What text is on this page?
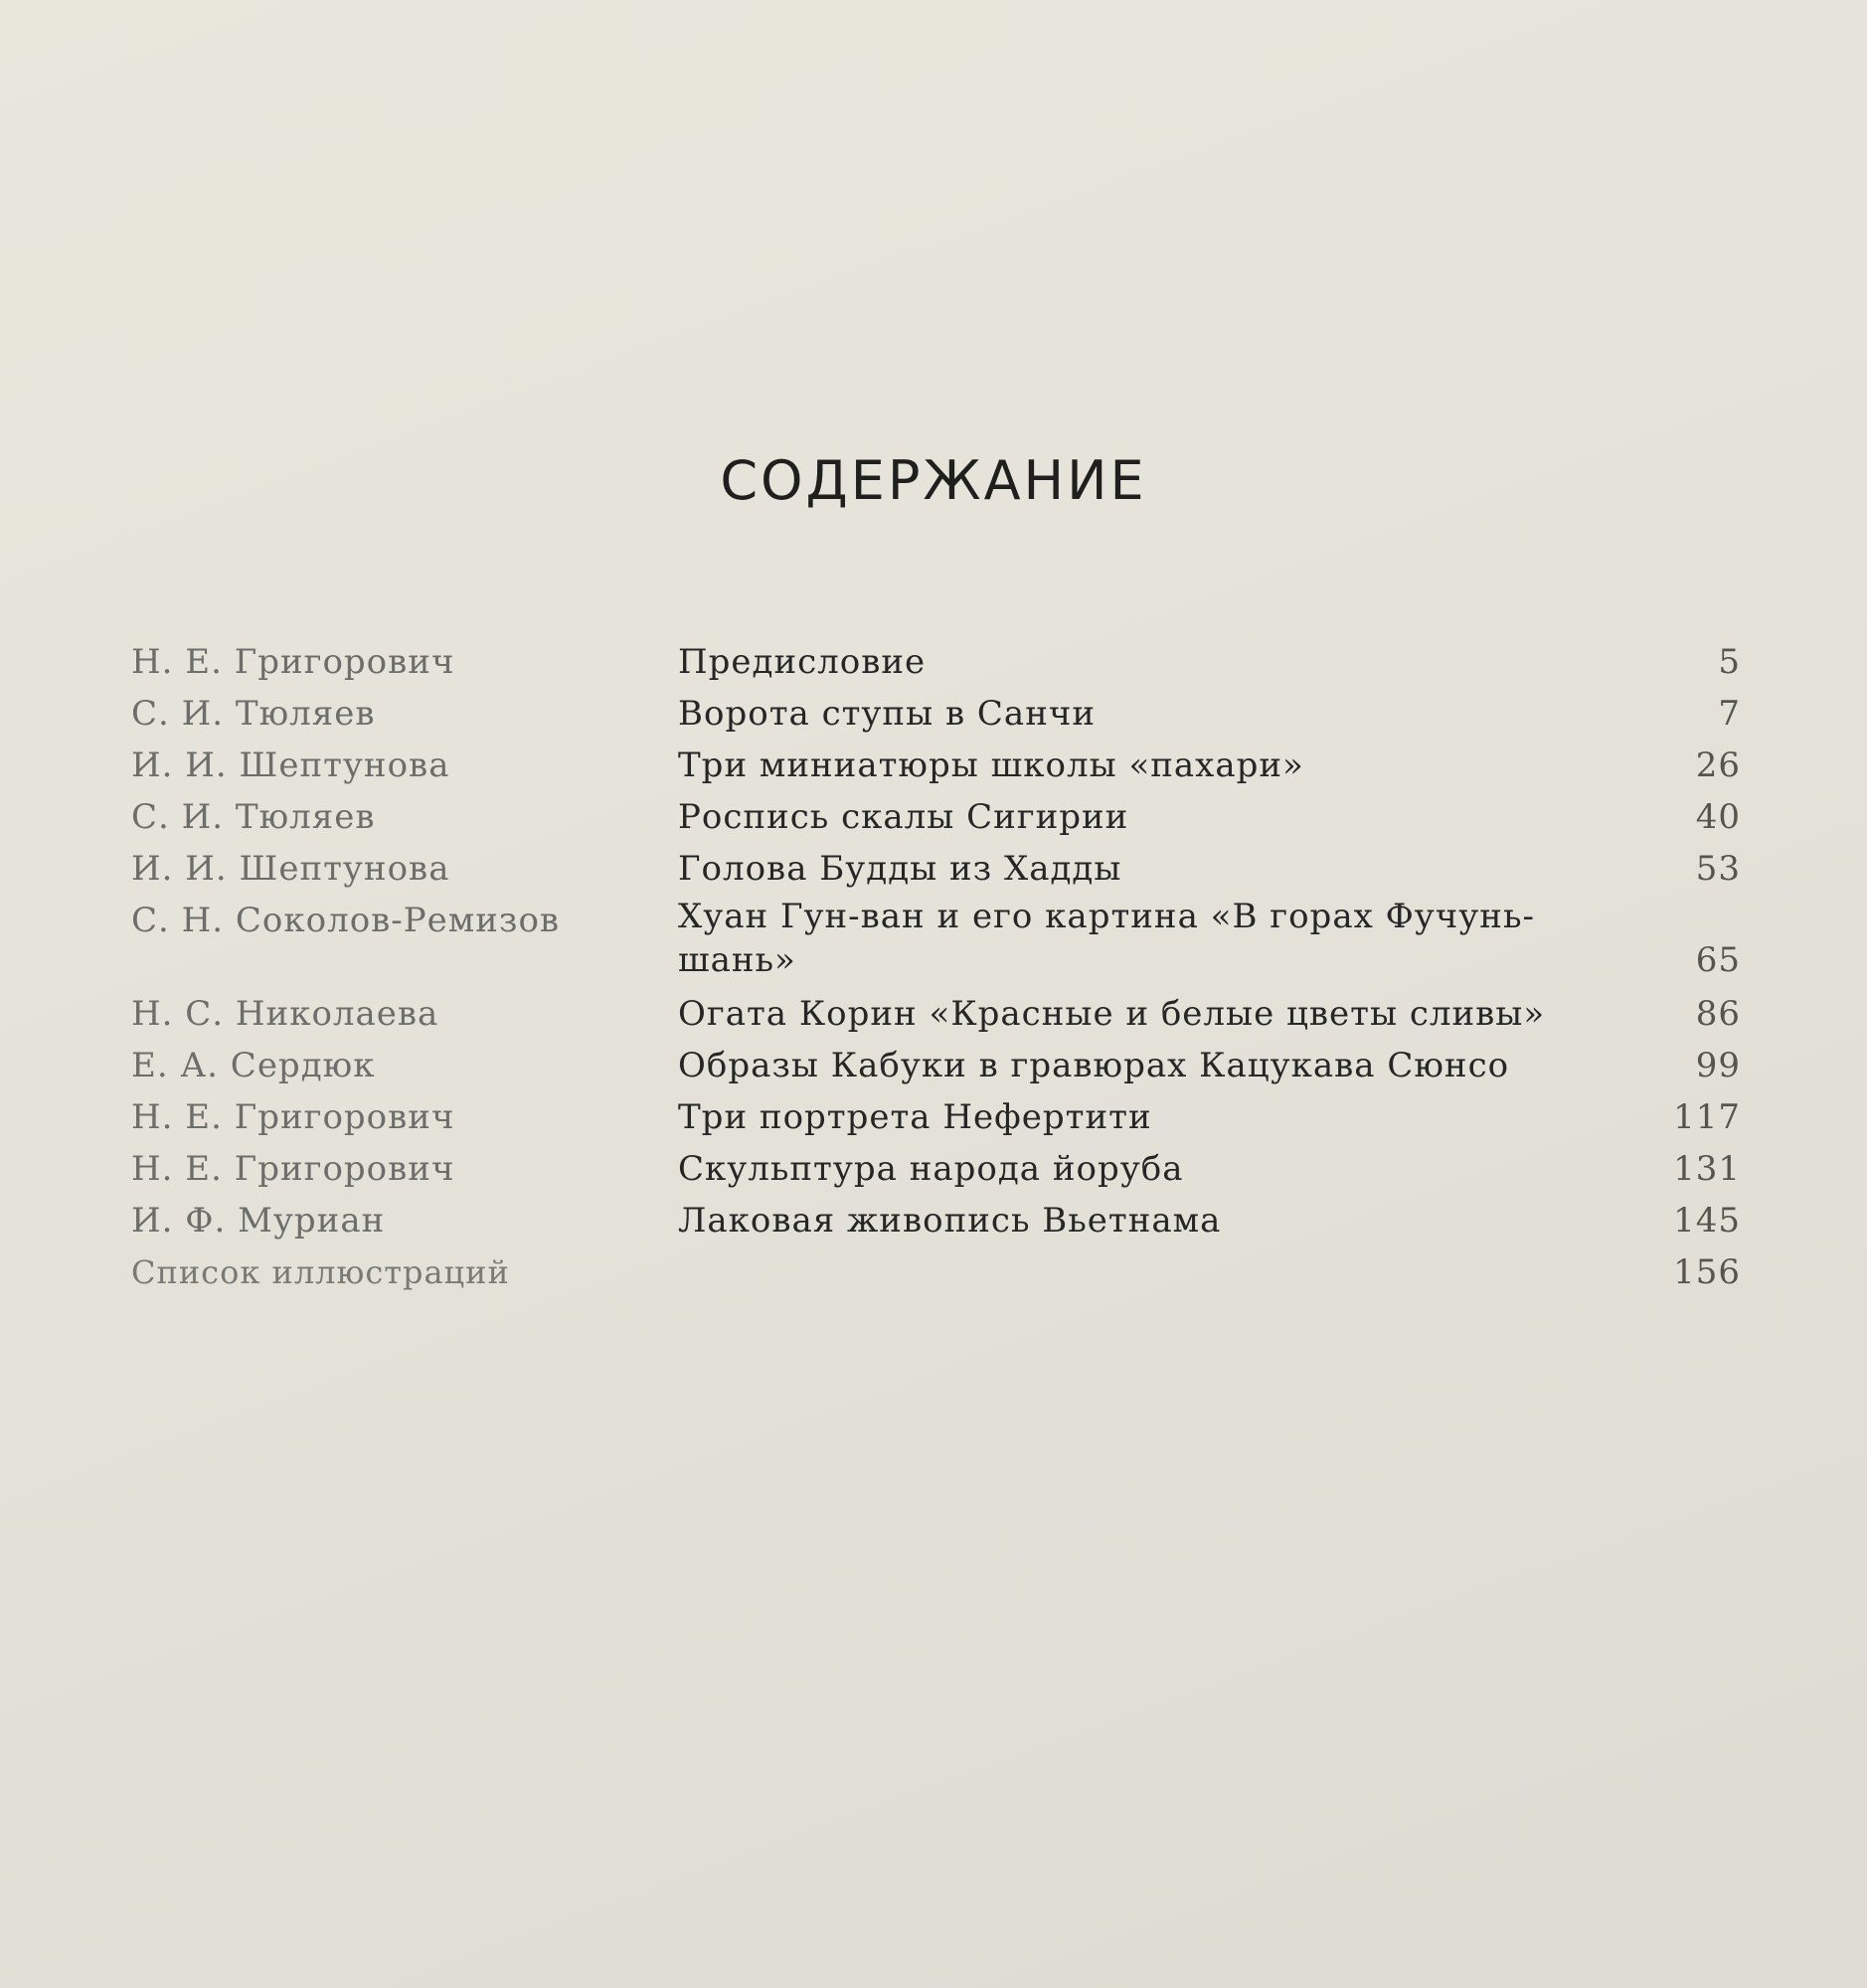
СОДЕРЖАНИЕ
Н. Е. Григорович	Предисловие	5
С. И. Тюляев	Ворота ступы в Санчи	7
И. И. Шептунова	Три миниатюры школы «пахари»	26
С. И. Тюляев	Роспись скалы Сигирии	40
И. И. Шептунова	Голова Будды из Хадды	53
С. Н. Соколов-Ремизов	Хуан Гун-ван и его картина «В горах Фучунь-шань»	65
Н. С. Николаева	Огата Корин «Красные и белые цветы сливы»	86
Е. А. Сердюк	Образы Кабуки в гравюрах Кацукава Сюнсо	99
Н. Е. Григорович	Три портрета Нефертити	117
Н. Е. Григорович	Скульптура народа йоруба	131
И. Ф. Муриан	Лаковая живопись Вьетнама	145
Список иллюстраций	156
